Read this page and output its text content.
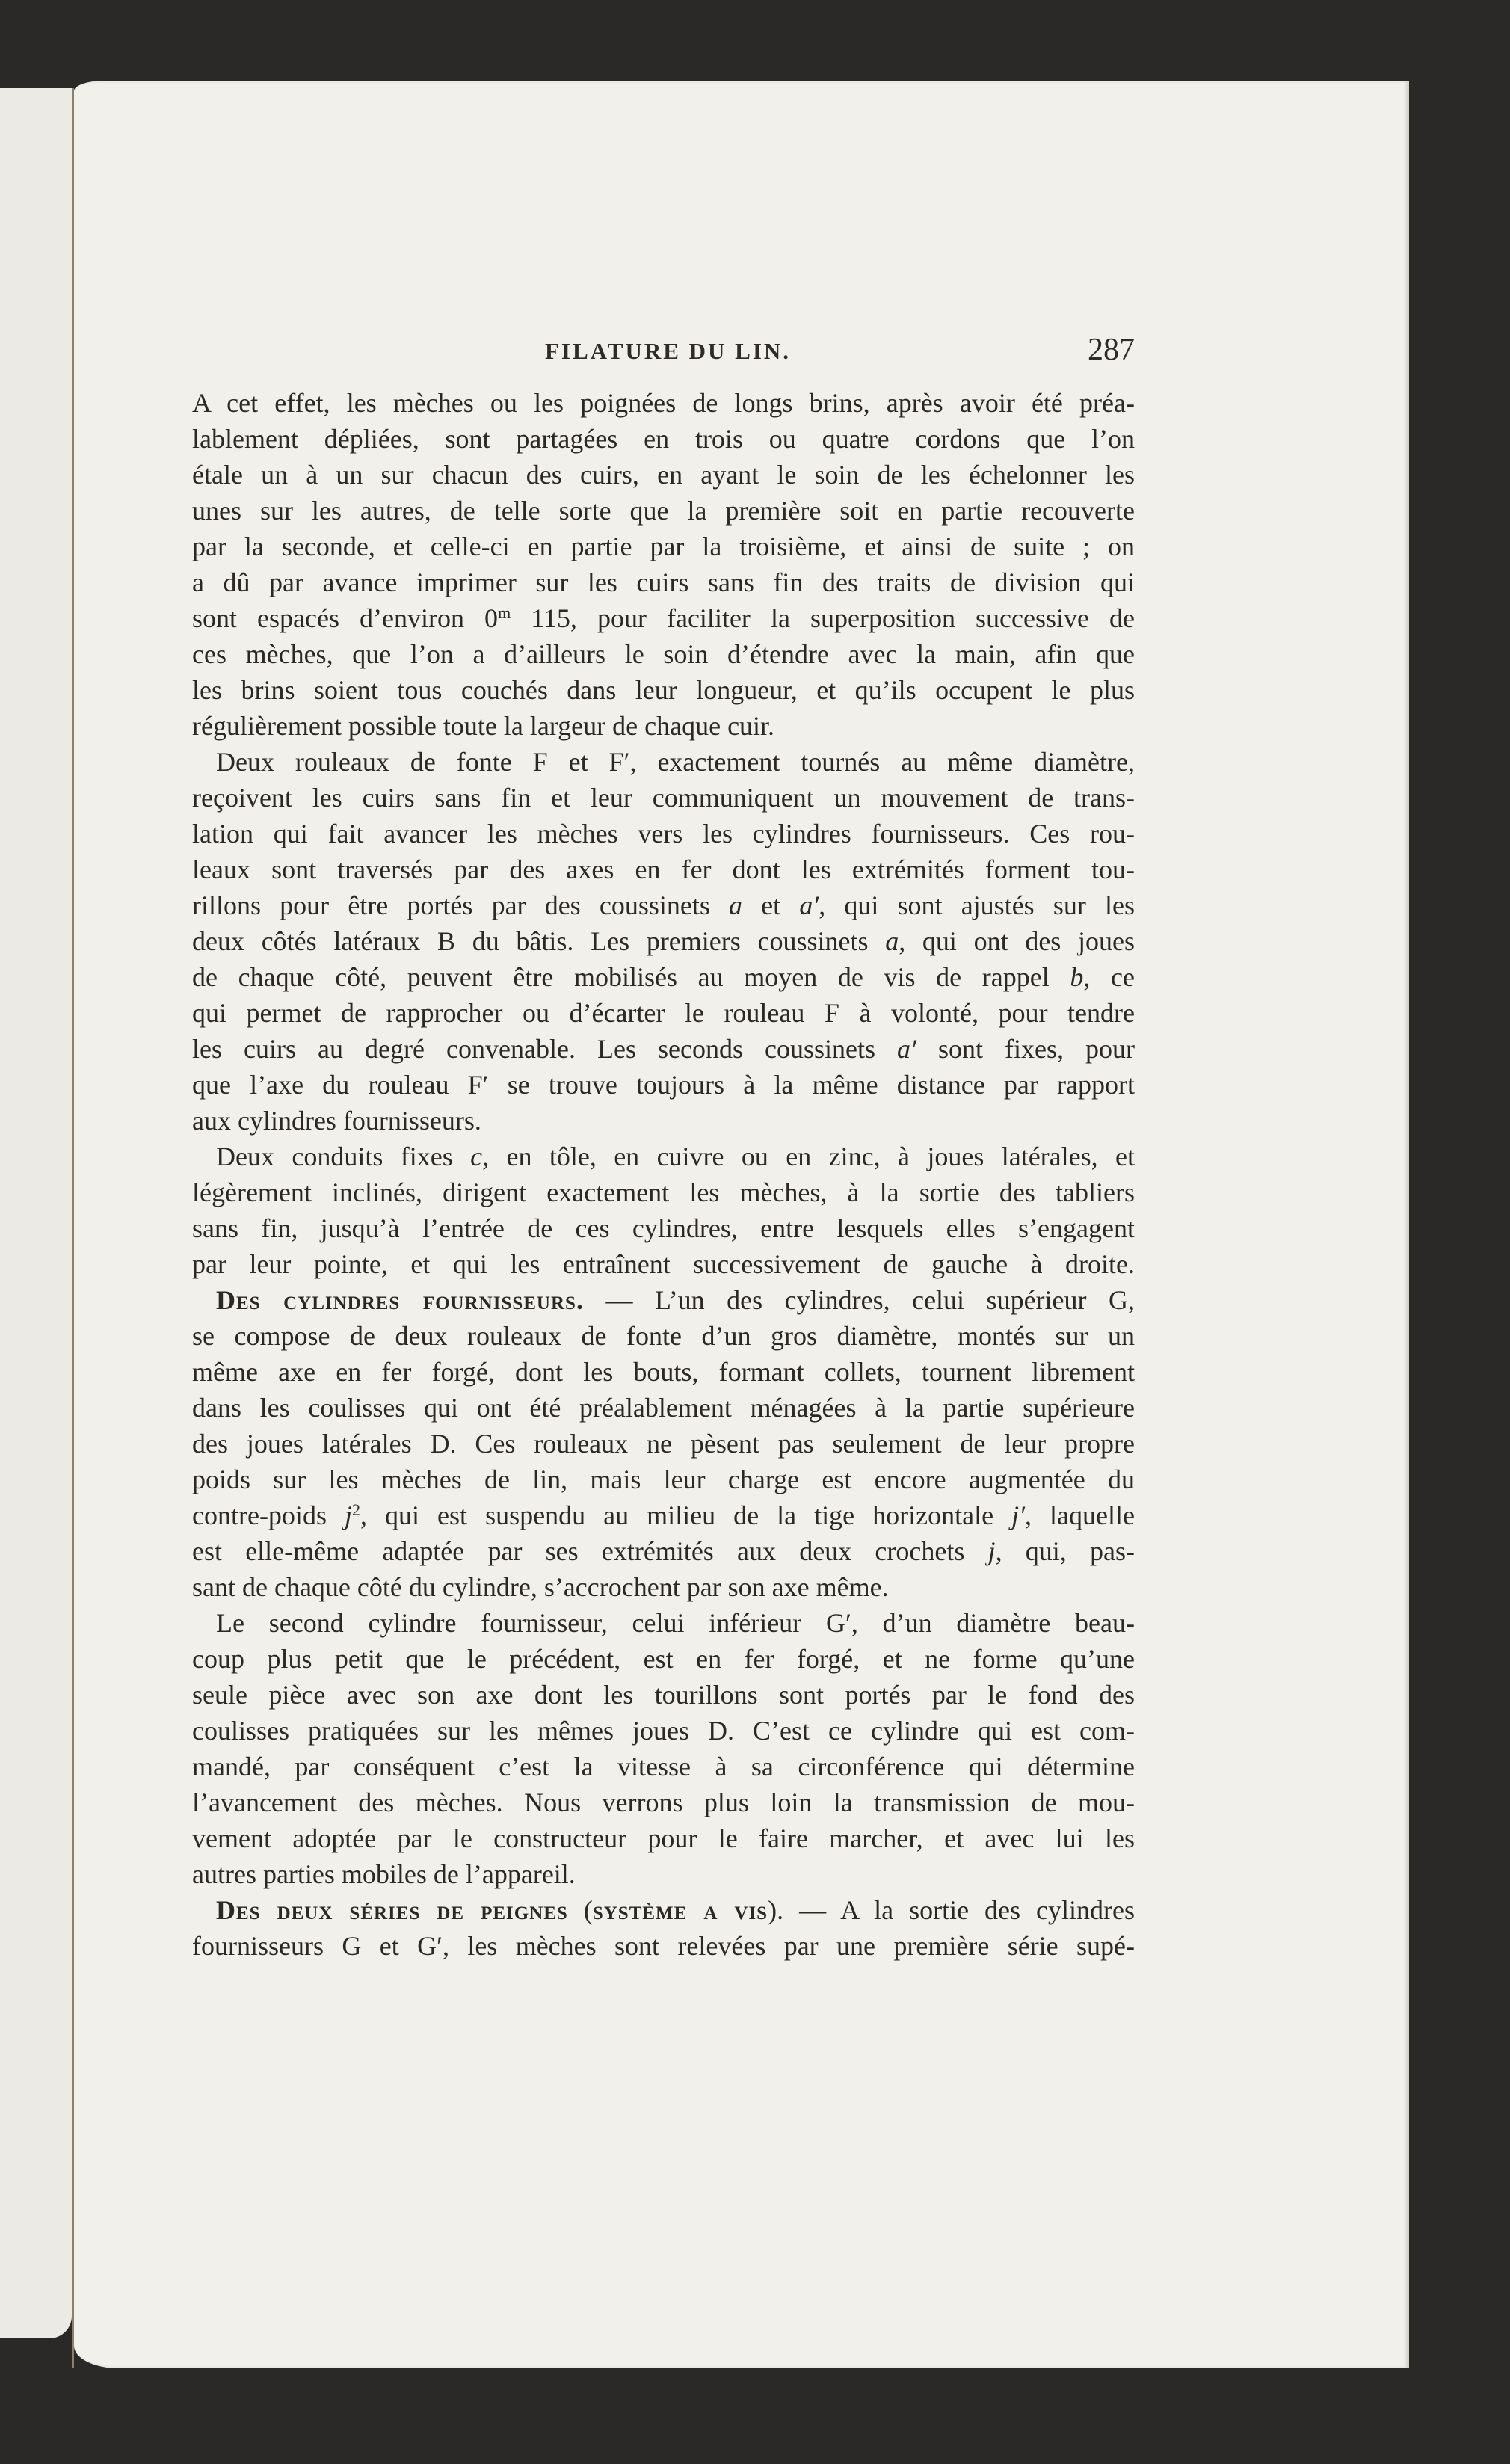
FILATURE DU LIN.	287
A cet effet, les mèches ou les poignées de longs brins, après avoir été préa-
lablement dépliées, sont partagées en trois ou quatre cordons que l’on
étale un à un sur chacun des cuirs, en ayant le soin de les échelonner les
unes sur les autres, de telle sorte que la première soit en partie recouverte
par la seconde, et celle-ci en partie par la troisième, et ainsi de suite ; on
a dû par avance imprimer sur les cuirs sans fin des traits de division qui
sont espacés d’environ 0$^m$ 115, pour faciliter la superposition successive de
ces mèches, que l’on a d’ailleurs le soin d’étendre avec la main, afin que
les brins soient tous couchés dans leur longueur, et qu’ils occupent le plus
régulièrement possible toute la largeur de chaque cuir.
Deux rouleaux de fonte F et F′, exactement tournés au même diamètre,
reçoivent les cuirs sans fin et leur communiquent un mouvement de trans-
lation qui fait avancer les mèches vers les cylindres fournisseurs. Ces rou-
leaux sont traversés par des axes en fer dont les extrémités forment tou-
rillons pour être portés par des coussinets a et a′, qui sont ajustés sur les
deux côtés latéraux B du bâtis. Les premiers coussinets a, qui ont des joues
de chaque côté, peuvent être mobilisés au moyen de vis de rappel b, ce
qui permet de rapprocher ou d’écarter le rouleau F à volonté, pour tendre
les cuirs au degré convenable. Les seconds coussinets a′ sont fixes, pour
que l’axe du rouleau F′ se trouve toujours à la même distance par rapport
aux cylindres fournisseurs.
Deux conduits fixes c, en tôle, en cuivre ou en zinc, à joues latérales, et
légèrement inclinés, dirigent exactement les mèches, à la sortie des tabliers
sans fin, jusqu’à l’entrée de ces cylindres, entre lesquels elles s’engagent
par leur pointe, et qui les entraînent successivement de gauche à droite.
Des cylindres fournisseurs. — L’un des cylindres, celui supérieur G,
se compose de deux rouleaux de fonte d’un gros diamètre, montés sur un
même axe en fer forgé, dont les bouts, formant collets, tournent librement
dans les coulisses qui ont été préalablement ménagées à la partie supérieure
des joues latérales D. Ces rouleaux ne pèsent pas seulement de leur propre
poids sur les mèches de lin, mais leur charge est encore augmentée du
contre-poids $j^2$, qui est suspendu au milieu de la tige horizontale j′, laquelle
est elle-même adaptée par ses extrémités aux deux crochets j, qui, pas-
sant de chaque côté du cylindre, s’accrochent par son axe même.
Le second cylindre fournisseur, celui inférieur G′, d’un diamètre beau-
coup plus petit que le précédent, est en fer forgé, et ne forme qu’une
seule pièce avec son axe dont les tourillons sont portés par le fond des
coulisses pratiquées sur les mêmes joues D. C’est ce cylindre qui est com-
mandé, par conséquent c’est la vitesse à sa circonférence qui détermine
l’avancement des mèches. Nous verrons plus loin la transmission de mou-
vement adoptée par le constructeur pour le faire marcher, et avec lui les
autres parties mobiles de l’appareil.
Des deux séries de peignes (système a vis). — A la sortie des cylindres
fournisseurs G et G′, les mèches sont relevées par une première série supé-
